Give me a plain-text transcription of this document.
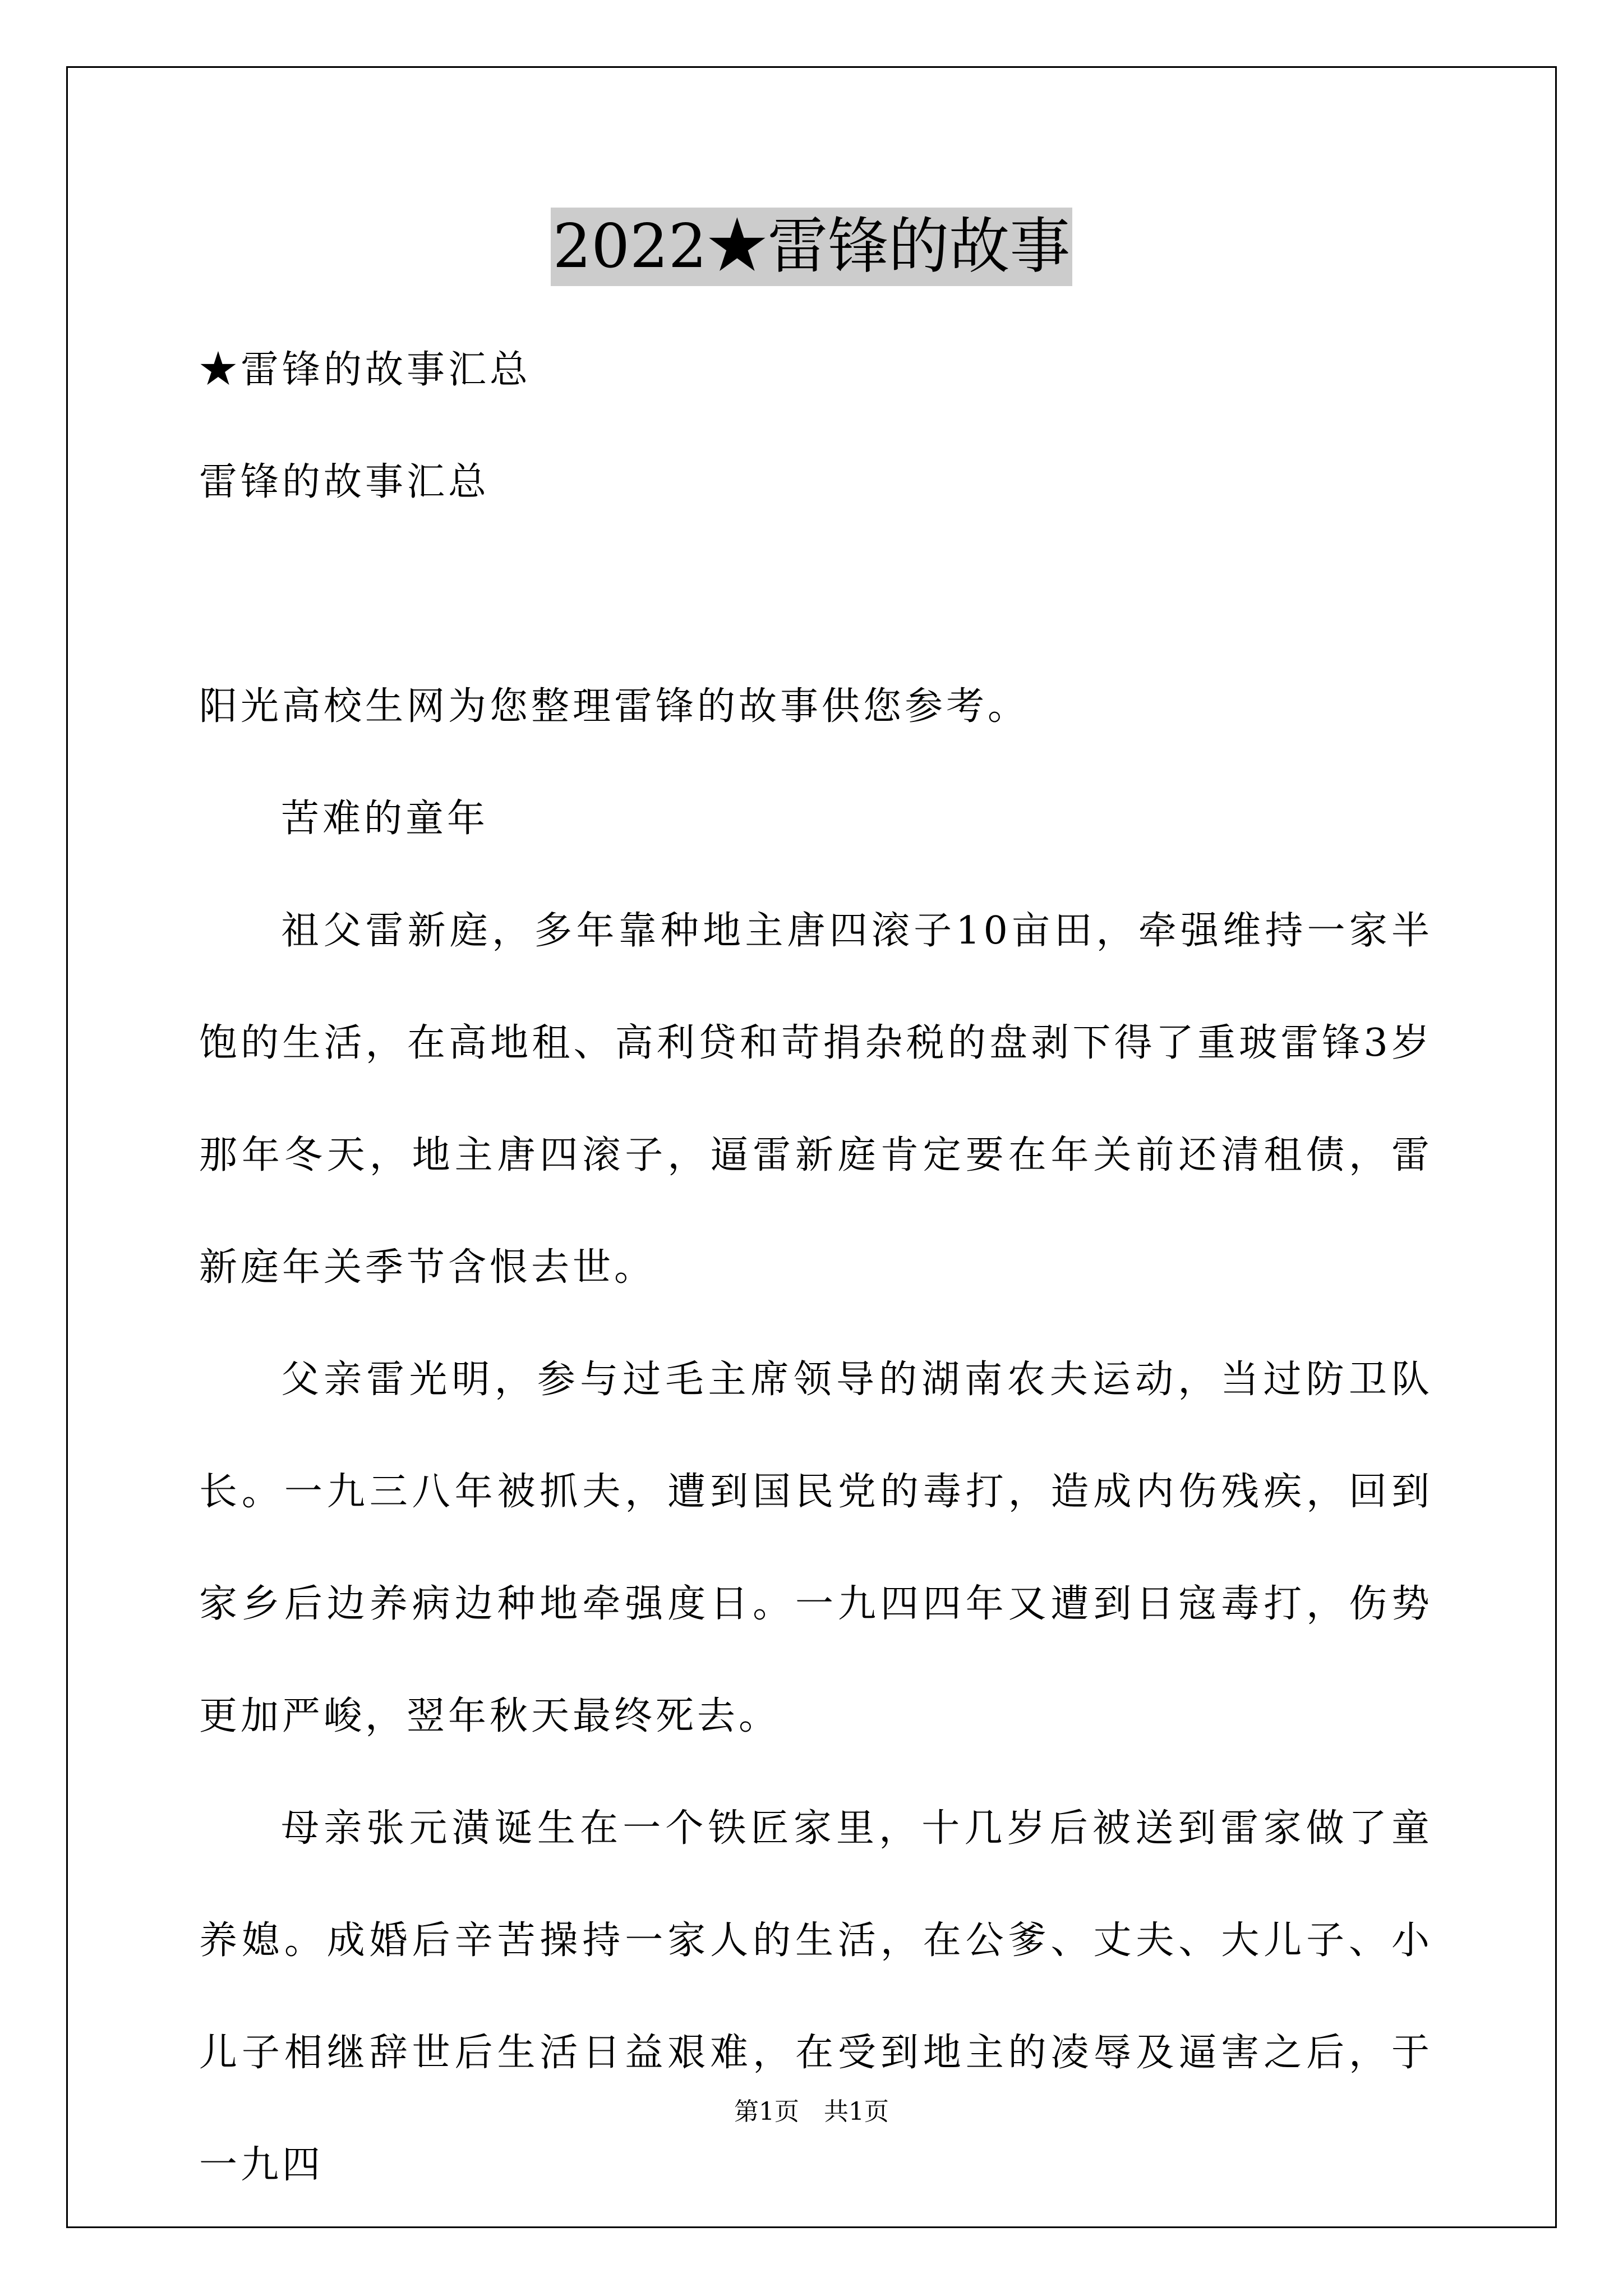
2022★雷锋的故事
★雷锋的故事汇总
雷锋的故事汇总
阳光高校生网为您整理雷锋的故事供您参考。

苦难的童年

祖父雷新庭，多年靠种地主唐四滚子10亩田，牵强维持一家半饱的生活，在高地租、高利贷和苛捐杂税的盘剥下得了重玻雷锋3岁那年冬天，地主唐四滚子，逼雷新庭肯定要在年关前还清租债，雷新庭年关季节含恨去世。

父亲雷光明，参与过毛主席领导的湖南农夫运动，当过防卫队长。一九三八年被抓夫，遭到国民党的毒打，造成内伤残疾，回到家乡后边养病边种地牵强度日。一九四四年又遭到日寇毒打，伤势更加严峻，翌年秋天最终死去。

母亲张元潢诞生在一个铁匠家里，十几岁后被送到雷家做了童养媳。成婚后辛苦操持一家人的生活，在公爹、丈夫、大儿子、小儿子相继辞世后生活日益艰难，在受到地主的凌辱及逼害之后，于一九四

第1页　共1页
